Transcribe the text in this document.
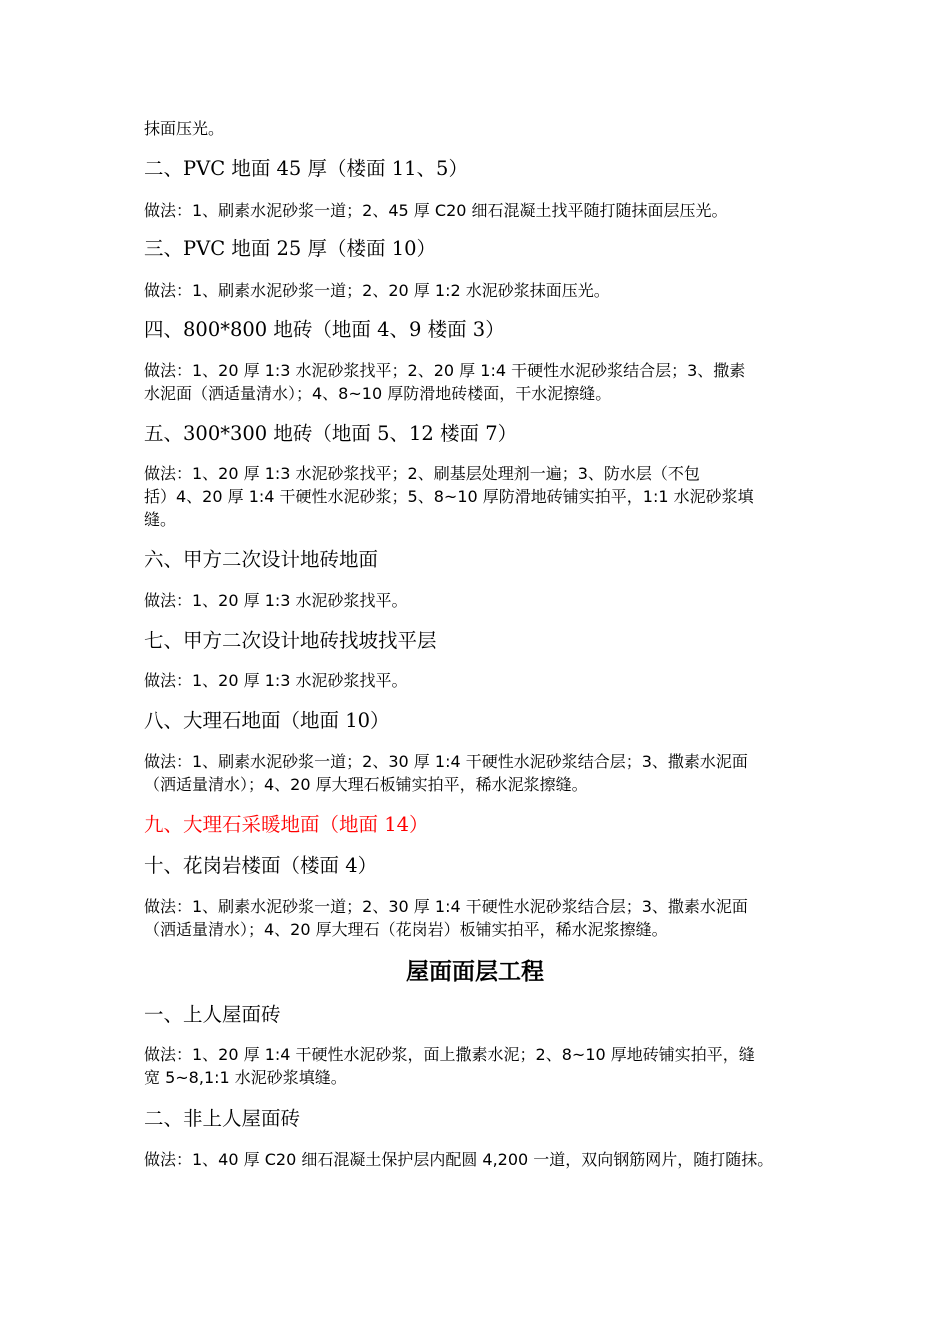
抹面压光。

二、PVC 地面 45 厚（楼面 11、5）

做法：1、刷素水泥砂浆一道；2、45 厚 C20 细石混凝土找平随打随抹面层压光。

三、PVC 地面 25 厚（楼面 10）

做法：1、刷素水泥砂浆一道；2、20 厚 1:2 水泥砂浆抹面压光。

四、800*800 地砖（地面 4、9 楼面 3）

做法：1、20 厚 1:3 水泥砂浆找平；2、20 厚 1:4 干硬性水泥砂浆结合层；3、撒素
水泥面（洒适量清水）；4、8~10 厚防滑地砖楼面，干水泥擦缝。

五、300*300 地砖（地面 5、12 楼面 7）

做法：1、20 厚 1:3 水泥砂浆找平；2、刷基层处理剂一遍；3、防水层（不包
括）4、20 厚 1:4 干硬性水泥砂浆；5、8~10 厚防滑地砖铺实拍平，1:1 水泥砂浆填
缝。

六、甲方二次设计地砖地面

做法：1、20 厚 1:3 水泥砂浆找平。

七、甲方二次设计地砖找坡找平层

做法：1、20 厚 1:3 水泥砂浆找平。

八、大理石地面（地面 10）

做法：1、刷素水泥砂浆一道；2、30 厚 1:4 干硬性水泥砂浆结合层；3、撒素水泥面
（洒适量清水）；4、20 厚大理石板铺实拍平，稀水泥浆擦缝。

九、大理石采暖地面（地面 14）

十、花岗岩楼面（楼面 4）

做法：1、刷素水泥砂浆一道；2、30 厚 1:4 干硬性水泥砂浆结合层；3、撒素水泥面
（洒适量清水）；4、20 厚大理石（花岗岩）板铺实拍平，稀水泥浆擦缝。

屋面面层工程

一、上人屋面砖

做法：1、20 厚 1:4 干硬性水泥砂浆，面上撒素水泥；2、8~10 厚地砖铺实拍平，缝
宽 5~8,1:1 水泥砂浆填缝。

二、非上人屋面砖

做法：1、40 厚 C20 细石混凝土保护层内配圆 4,200 一道，双向钢筋网片，随打随抹。
